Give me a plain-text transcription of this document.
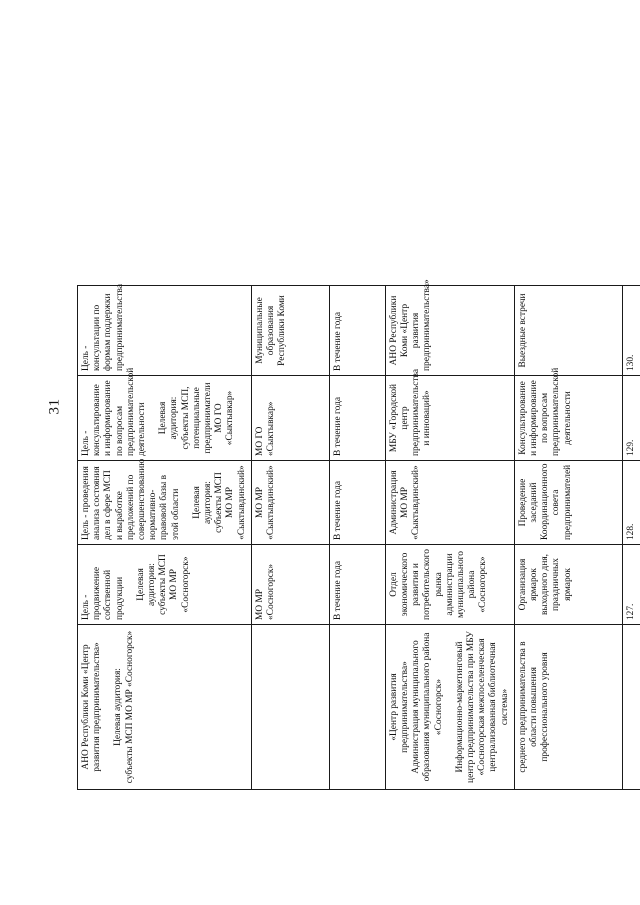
31
АНО Республики Коми «Центр развития предпринимательства» Целевая аудитория: субъекты МСП МО МР «Сосногорск»	Цель - продвижение собственной продукции Целевая аудитория: субъекты МСП МО МР «Сосногорск»	Цель - проведения анализа состояния дел в сфере МСП и выработке предложений по совершенствованию нормативно-правовой базы в этой области Целевая аудитория: субъекты МСП МО МР «Сыктывдинский»	Цель - консультирование и информирование по вопросам предпринимательской деятельности Целевая аудитория: субъекты МСП, потенциальные предприниматели МО ГО «Сыктывкар»	Цель - консультации по формам поддержки предпринимательства

	МО МР «Сосногорск»	МО МР «Сыктывдинский»	МО ГО «Сыктывкар»	Муниципальные образования Республики Коми

	В течение года	В течение года	В течение года	В течение года

«Центр развития предпринимательства» Администрация муниципального образования муниципального района «Сосногорск» Информационно-маркетинговый центр предпринимательства при МБУ «Сосногорская межпоселенческая централизованная библиотечная система»	Отдел экономического развития и потребительского рынка администрации муниципального района «Сосногорск»	Администрация МО МР «Сыктывдинский»	МБУ «Городской центр предпринимательства и инноваций»	АНО Республики Коми «Центр развития предпринимательства»

среднего предпринимательства в области повышения профессионального уровня	Организация ярмарок выходного дня, праздничных ярмарок	Проведение заседаний Координационного совета предпринимателей	Консультирование и информирование по вопросам предпринимательской деятельности	Выездные встречи

	127.	128.	129.	130.
